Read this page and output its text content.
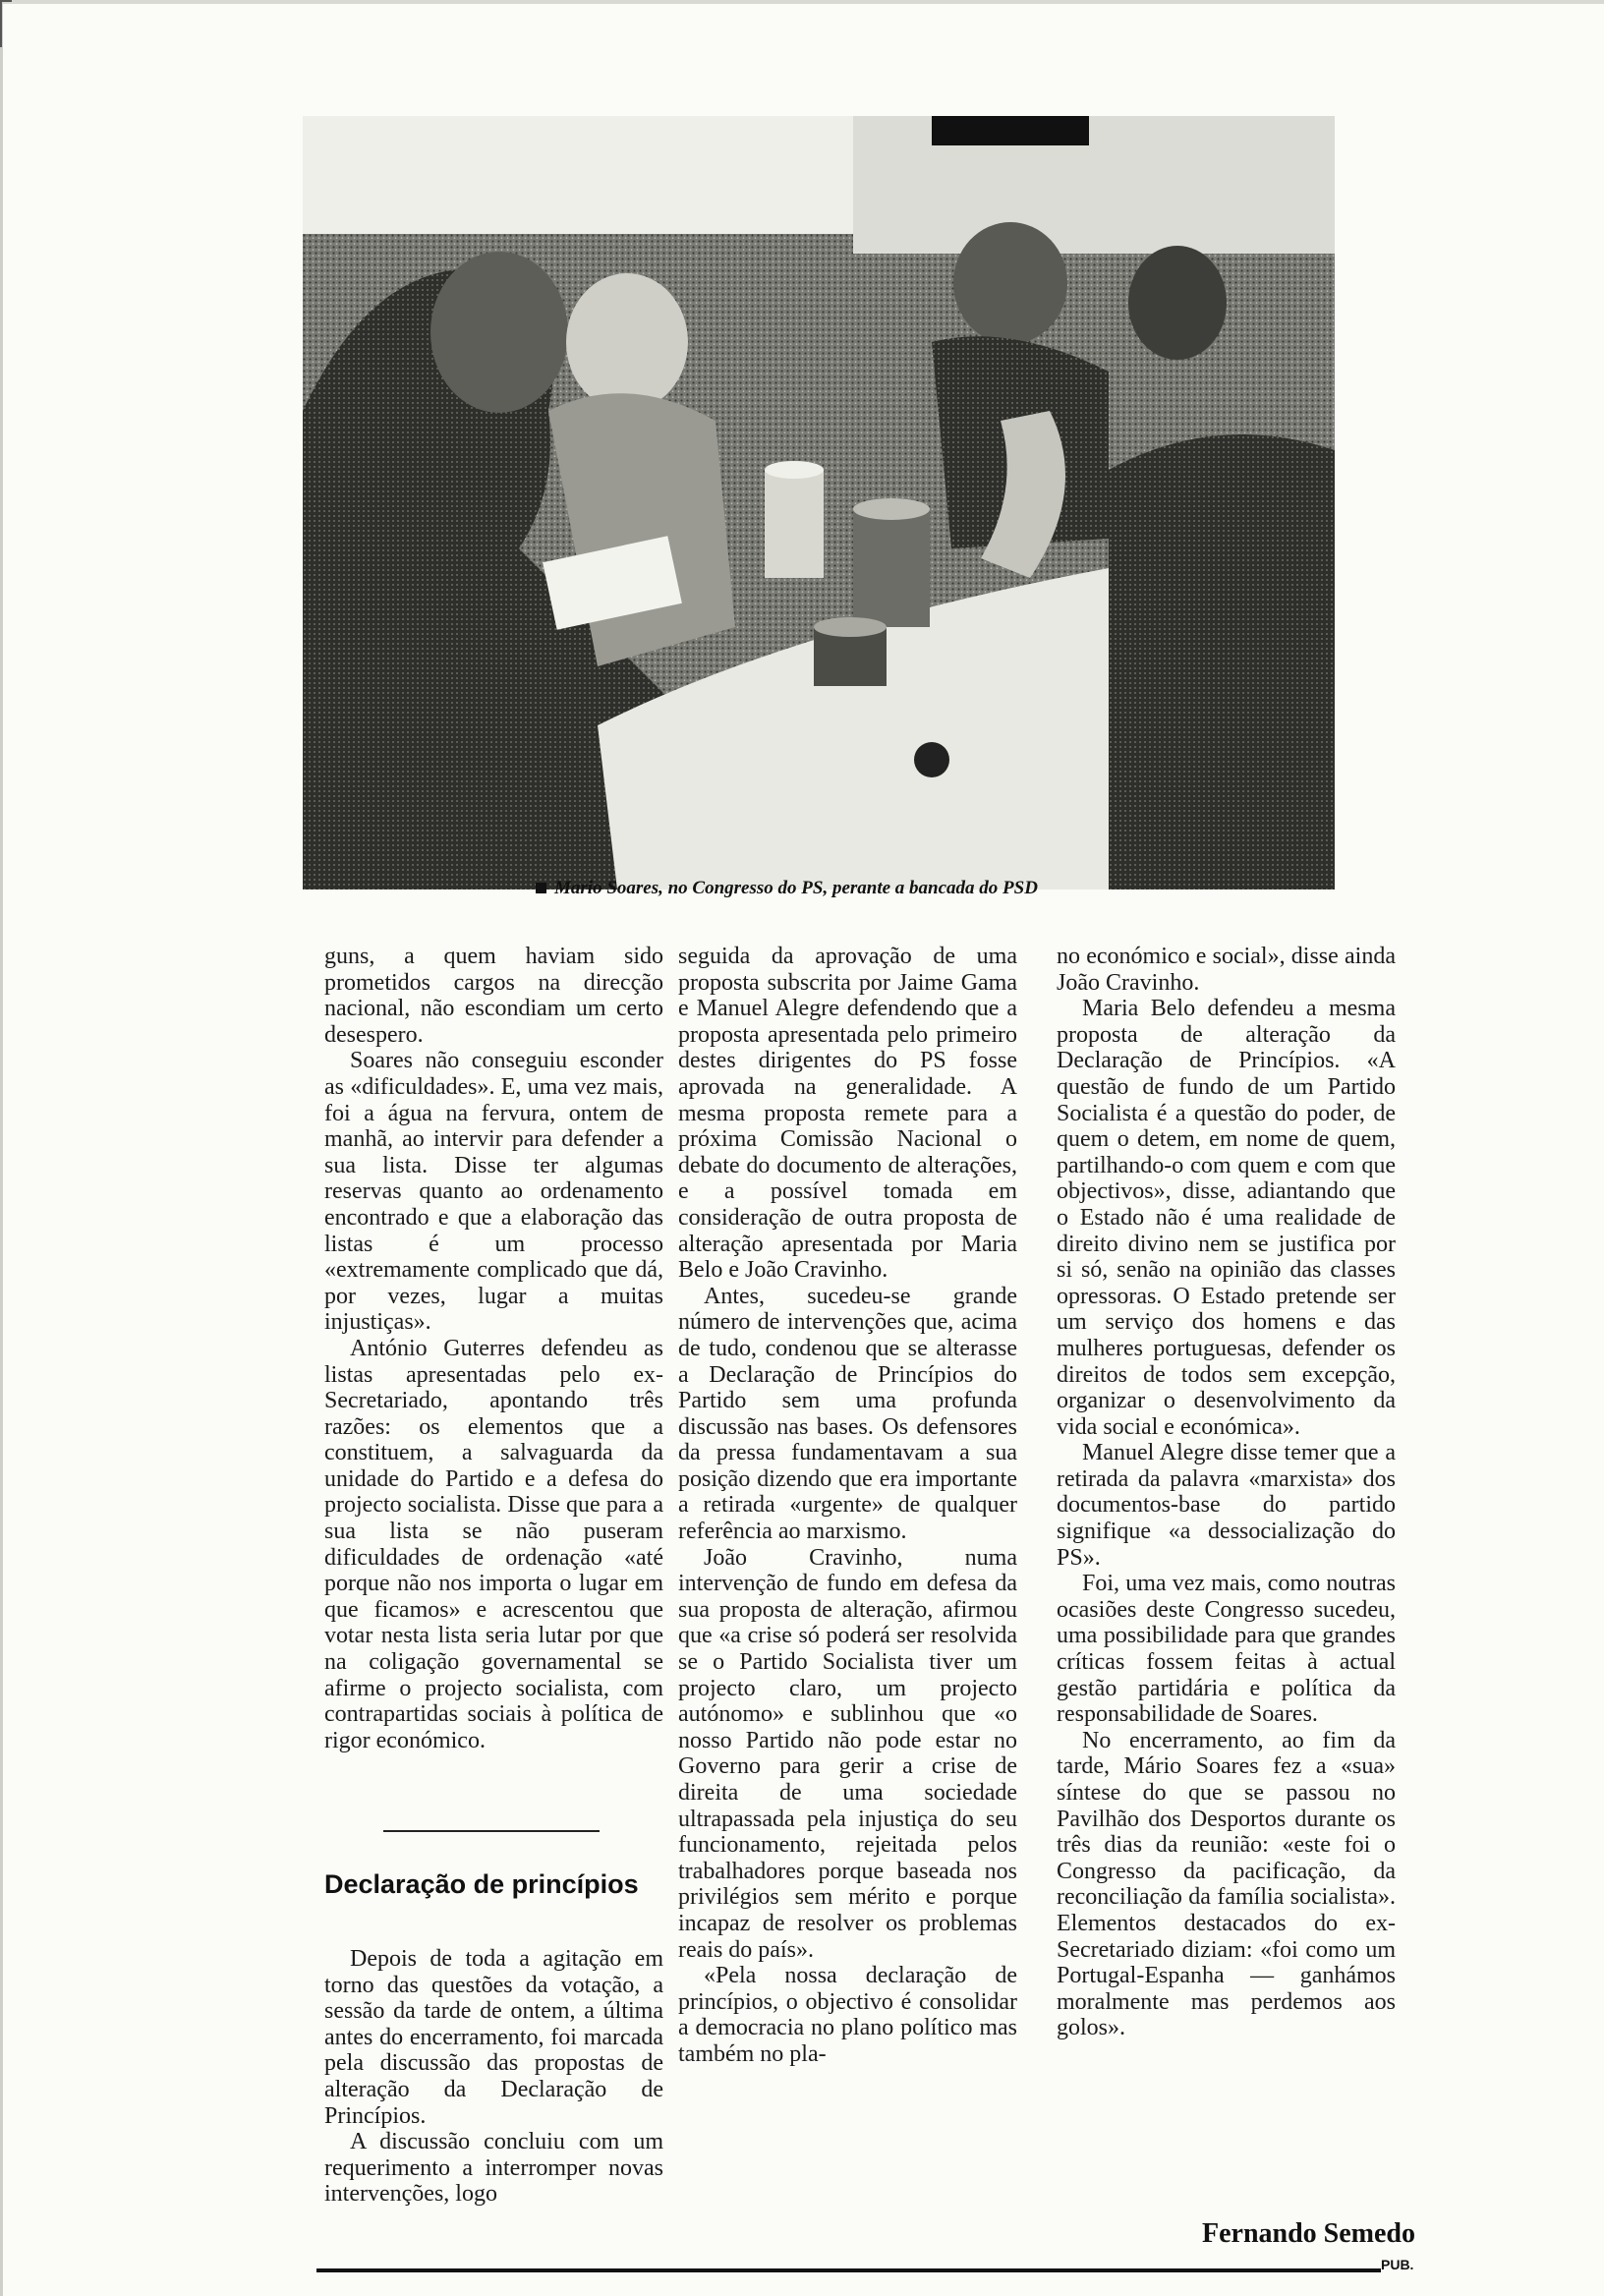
Mario Soares, no Congresso do PS, perante a bancada do PSD

guns, a quem haviam sido prometidos cargos na direcção nacional, não escondiam um certo desespero.

Soares não conseguiu esconder as «dificuldades». E, uma vez mais, foi a água na fervura, ontem de manhã, ao intervir para defender a sua lista. Disse ter algumas reservas quanto ao ordenamento encontrado e que a elaboração das listas é um processo «extremamente complicado que dá, por vezes, lugar a muitas injustiças».

António Guterres defendeu as listas apresentadas pelo ex-Secretariado, apontando três razões: os elementos que a constituem, a salvaguarda da unidade do Partido e a defesa do projecto socialista. Disse que para a sua lista se não puseram dificuldades de ordenação «até porque não nos importa o lugar em que ficamos» e acrescentou que votar nesta lista seria lutar por que na coligação governamental se afirme o projecto socialista, com contrapartidas sociais à política de rigor económico.

Declaração de princípios

Depois de toda a agitação em torno das questões da votação, a sessão da tarde de ontem, a última antes do encerramento, foi marcada pela discussão das propostas de alteração da Declaração de Princípios.

A discussão concluiu com um requerimento a interromper novas intervenções, logo

seguida da aprovação de uma proposta subscrita por Jaime Gama e Manuel Alegre defendendo que a proposta apresentada pelo primeiro destes dirigentes do PS fosse aprovada na generalidade. A mesma proposta remete para a próxima Comissão Nacional o debate do documento de alterações, e a possível tomada em consideração de outra proposta de alteração apresentada por Maria Belo e João Cravinho.

Antes, sucedeu-se grande número de intervenções que, acima de tudo, condenou que se alterasse a Declaração de Princípios do Partido sem uma profunda discussão nas bases. Os defensores da pressa fundamentavam a sua posição dizendo que era importante a retirada «urgente» de qualquer referência ao marxismo.

João Cravinho, numa intervenção de fundo em defesa da sua proposta de alteração, afirmou que «a crise só poderá ser resolvida se o Partido Socialista tiver um projecto claro, um projecto autónomo» e sublinhou que «o nosso Partido não pode estar no Governo para gerir a crise de direita de uma sociedade ultrapassada pela injustiça do seu funcionamento, rejeitada pelos trabalhadores porque baseada nos privilégios sem mérito e porque incapaz de resolver os problemas reais do país».

«Pela nossa declaração de princípios, o objectivo é consolidar a democracia no plano político mas também no pla-

no económico e social», disse ainda João Cravinho.

Maria Belo defendeu a mesma proposta de alteração da Declaração de Princípios. «A questão de fundo de um Partido Socialista é a questão do poder, de quem o detem, em nome de quem, partilhando-o com quem e com que objectivos», disse, adiantando que o Estado não é uma realidade de direito divino nem se justifica por si só, senão na opinião das classes opressoras. O Estado pretende ser um serviço dos homens e das mulheres portuguesas, defender os direitos de todos sem excepção, organizar o desenvolvimento da vida social e económica».

Manuel Alegre disse temer que a retirada da palavra «marxista» dos documentos-base do partido signifique «a dessocialização do PS».

Foi, uma vez mais, como noutras ocasiões deste Congresso sucedeu, uma possibilidade para que grandes críticas fossem feitas à actual gestão partidária e política da responsabilidade de Soares.

No encerramento, ao fim da tarde, Mário Soares fez a «sua» síntese do que se passou no Pavilhão dos Desportos durante os três dias da reunião: «este foi o Congresso da pacificação, da reconciliação da família socialista». Elementos destacados do ex-Secretariado diziam: «foi como um Portugal-Espanha — ganhámos moralmente mas perdemos aos golos».

Fernando Semedo
PUB.
